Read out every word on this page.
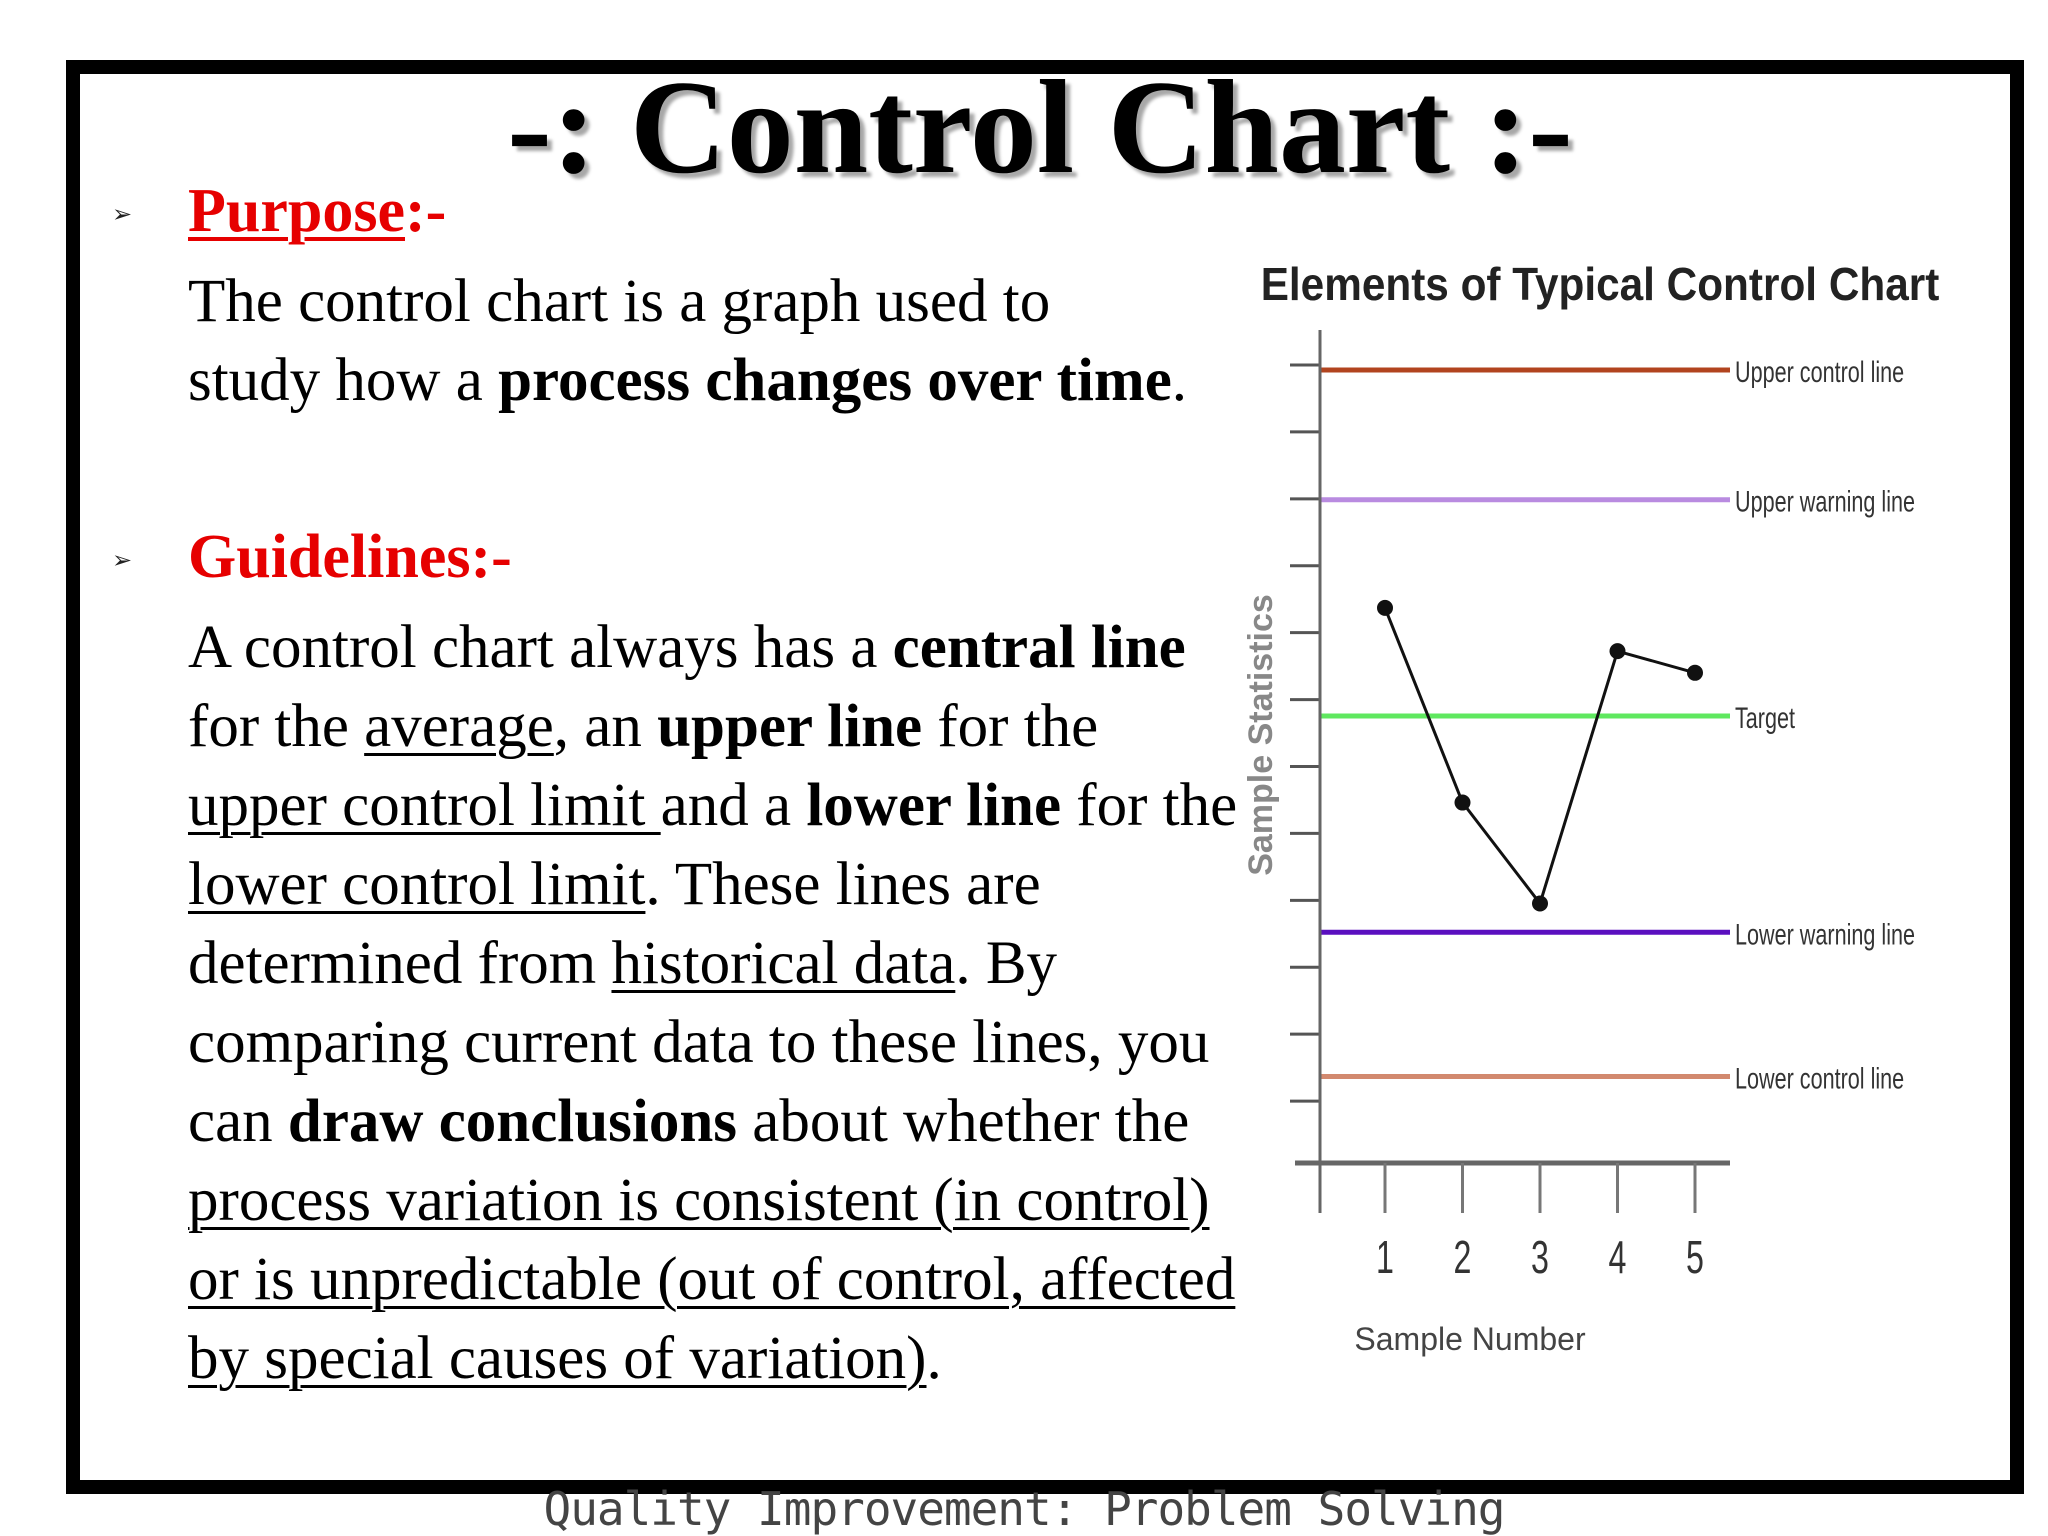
-: Control Chart :-
➢ Purpose:-
The control chart is a graph used to study how a process changes over time.
➢ Guidelines:-
A control chart always has a central line for the average, an upper line for the upper control limit and a lower line for the lower control limit. These lines are determined from historical data. By comparing current data to these lines, you can draw conclusions about whether the process variation is consistent (in control) or is unpredictable (out of control, affected by special causes of variation).
Elements of Typical Control Chart
Sample Statistics
Sample Number
Upper control line
Upper warning line
Target
Lower warning line
Lower control line
1 2 3 4 5
Quality Improvement: Problem Solving
